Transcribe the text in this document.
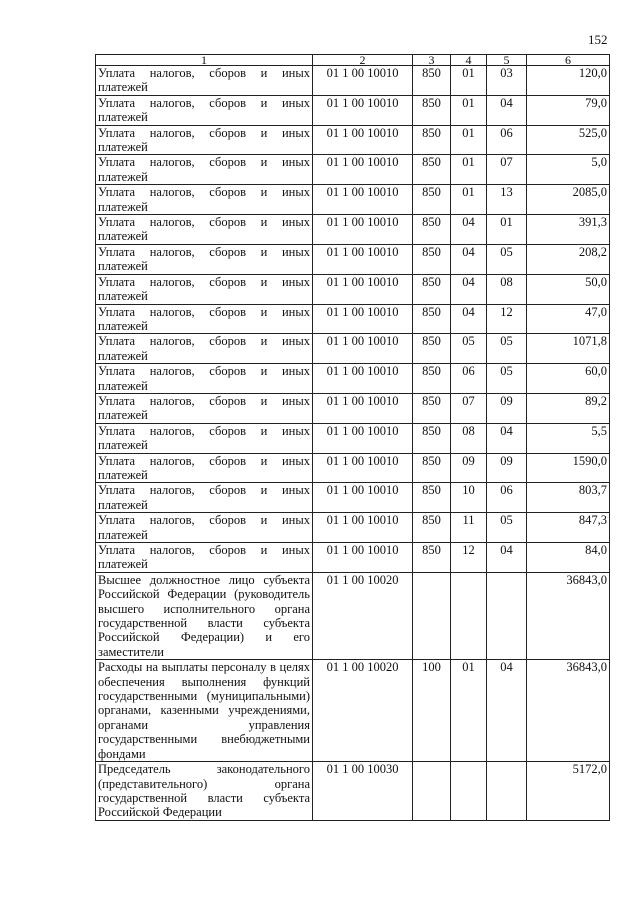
152
1	2	3	4	5	6
Уплата налогов, сборов и иных платежей	01 1 00 10010	850	01	03	120,0
Уплата налогов, сборов и иных платежей	01 1 00 10010	850	01	04	79,0
Уплата налогов, сборов и иных платежей	01 1 00 10010	850	01	06	525,0
Уплата налогов, сборов и иных платежей	01 1 00 10010	850	01	07	5,0
Уплата налогов, сборов и иных платежей	01 1 00 10010	850	01	13	2085,0
Уплата налогов, сборов и иных платежей	01 1 00 10010	850	04	01	391,3
Уплата налогов, сборов и иных платежей	01 1 00 10010	850	04	05	208,2
Уплата налогов, сборов и иных платежей	01 1 00 10010	850	04	08	50,0
Уплата налогов, сборов и иных платежей	01 1 00 10010	850	04	12	47,0
Уплата налогов, сборов и иных платежей	01 1 00 10010	850	05	05	1071,8
Уплата налогов, сборов и иных платежей	01 1 00 10010	850	06	05	60,0
Уплата налогов, сборов и иных платежей	01 1 00 10010	850	07	09	89,2
Уплата налогов, сборов и иных платежей	01 1 00 10010	850	08	04	5,5
Уплата налогов, сборов и иных платежей	01 1 00 10010	850	09	09	1590,0
Уплата налогов, сборов и иных платежей	01 1 00 10010	850	10	06	803,7
Уплата налогов, сборов и иных платежей	01 1 00 10010	850	11	05	847,3
Уплата налогов, сборов и иных платежей	01 1 00 10010	850	12	04	84,0
Высшее должностное лицо субъекта Российской Федерации (руководитель высшего исполнительного органа государственной власти субъекта Российской Федерации) и его заместители	01 1 00 10020				36843,0
Расходы на выплаты персоналу в целях обеспечения выполнения функций государственными (муниципальными) органами, казенными учреждениями, органами управления государственными внебюджетными фондами	01 1 00 10020	100	01	04	36843,0
Председатель законодательного (представительного) органа государственной власти субъекта Российской Федерации	01 1 00 10030				5172,0
